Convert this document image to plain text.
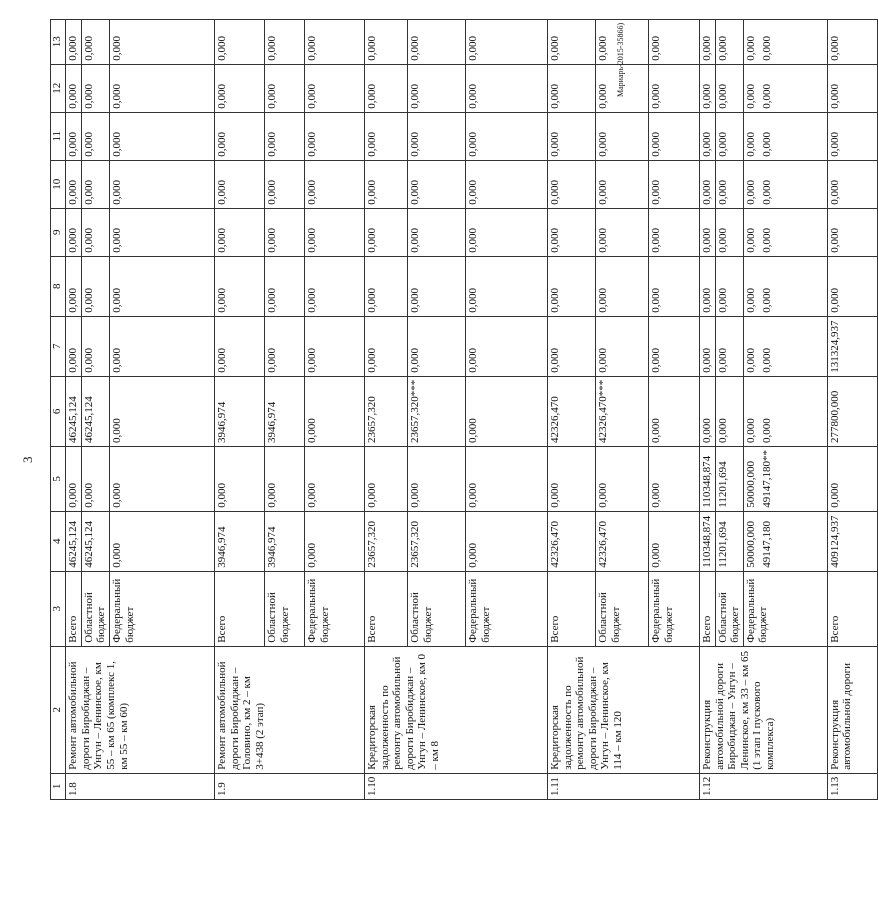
3
1	2	3	4	5	6	7	8	9	10	11	12	13
1.8	Ремонт автомобильной дороги Биробиджан – Унгун – Ленинское, км 55 – км 65 (комплекс 1, км 55 – км 60)	Всего	46245,124	0,000	46245,124	0,000	0,000	0,000	0,000	0,000	0,000	0,000
		Областной бюджет	46245,124	0,000	46245,124	0,000	0,000	0,000	0,000	0,000	0,000	0,000
		Федеральный бюджет	0,000	0,000	0,000	0,000	0,000	0,000	0,000	0,000	0,000	0,000
1.9	Ремонт автомобильной дороги Биробиджан – Головино, км 2 – км 3+438 (2 этап)	Всего	3946,974	0,000	3946,974	0,000	0,000	0,000	0,000	0,000	0,000	0,000
		Областной бюджет	3946,974	0,000	3946,974	0,000	0,000	0,000	0,000	0,000	0,000	0,000
		Федеральный бюджет	0,000	0,000	0,000	0,000	0,000	0,000	0,000	0,000	0,000	0,000
1.10	Кредиторская задолженность по ремонту автомобильной дороги Биробиджан – Унгун – Ленинское, км 0 – км 8	Всего	23657,320	0,000	23657,320	0,000	0,000	0,000	0,000	0,000	0,000	0,000
		Областной бюджет	23657,320	0,000	23657,320***	0,000	0,000	0,000	0,000	0,000	0,000	0,000
		Федеральный бюджет	0,000	0,000	0,000	0,000	0,000	0,000	0,000	0,000	0,000	0,000
1.11	Кредиторская задолженность по ремонту автомобильной дороги Биробиджан – Унгун – Ленинское, км 114 – км 120	Всего	42326,470	0,000	42326,470	0,000	0,000	0,000	0,000	0,000	0,000	0,000
		Областной бюджет	42326,470	0,000	42326,470***	0,000	0,000	0,000	0,000	0,000	0,000	0,000
		Федеральный бюджет	0,000	0,000	0,000	0,000	0,000	0,000	0,000	0,000	0,000	0,000
1.12	Реконструкция автомобильной дороги Биробиджан – Унгун – Ленинское, км 33 – км 65 (1 этап I пускового комплекса)	Всего	110348,874	110348,874	0,000	0,000	0,000	0,000	0,000	0,000	0,000	0,000
		Областной бюджет	11201,694	11201,694	0,000	0,000	0,000	0,000	0,000	0,000	0,000	0,000
		Федеральный бюджет	50000,000 49147,180	50000,000 49147,180**	0,000 0,000	0,000 0,000	0,000 0,000	0,000 0,000	0,000 0,000	0,000 0,000	0,000 0,000	0,000 0,000

1.13	Реконструкция автомобильной дороги	Всего	409124,937	0,000	277800,000	131324,937	0,000	0,000	0,000	0,000	0,000	0,000
Мариарь-2015-35866)
